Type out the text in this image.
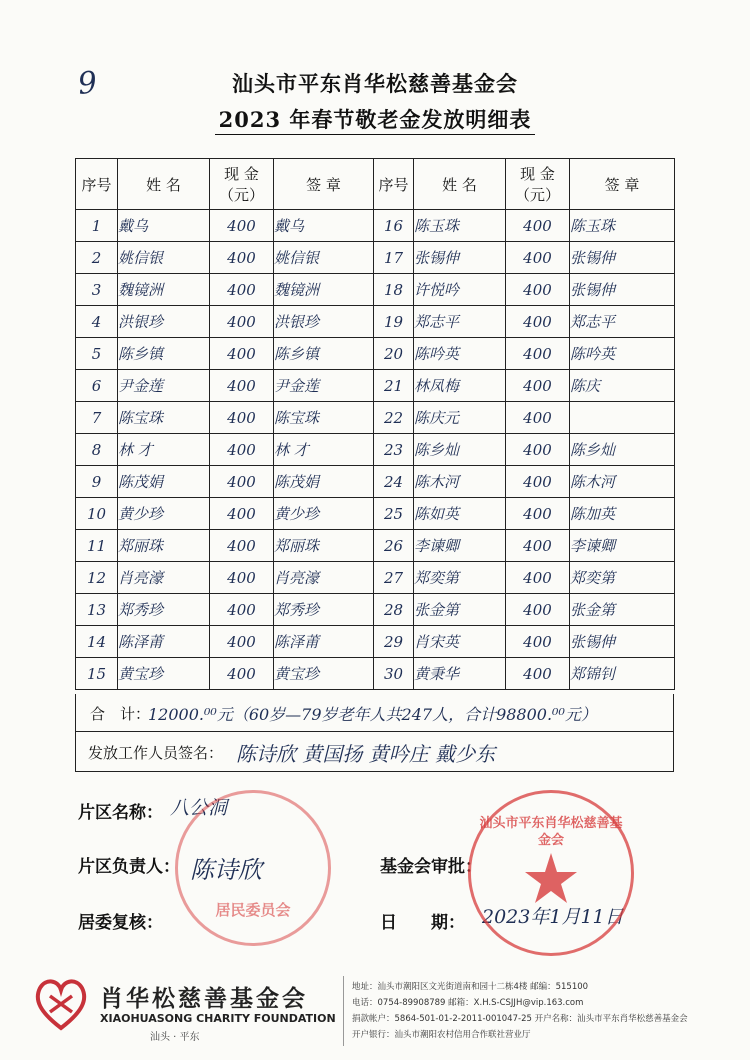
9	汕头市平东肖华松慈善基金会
2023 年春节敬老金发放明细表
序号	姓 名	现 金（元）	签 章	序号	姓 名	现 金（元）	签 章
1	戴乌	400	戴乌	16	陈玉珠	400	陈玉珠
2	姚信银	400	姚信银	17	张锡伸	400	张锡伸
3	魏镜洲	400	魏镜洲	18	许悦吟	400	张锡伸
4	洪银珍	400	洪银珍	19	郑志平	400	郑志平
5	陈乡镇	400	陈乡镇	20	陈吟英	400	陈吟英
6	尹金莲	400	尹金莲	21	林凤梅	400	陈庆
7	陈宝珠	400	陈宝珠	22	陈庆元	400	
8	林 才	400	林 才	23	陈乡灿	400	陈乡灿
9	陈茂娟	400	陈茂娟	24	陈木河	400	陈木河
10	黄少珍	400	黄少珍	25	陈如英	400	陈加英
11	郑丽珠	400	郑丽珠	26	李谏卿	400	李谏卿
12	肖亮濠	400	肖亮濠	27	郑奕第	400	郑奕第
13	郑秀珍	400	郑秀珍	28	张金第	400	张金第
14	陈泽莆	400	陈泽莆	29	肖宋英	400	张锡伸
15	黄宝珍	400	黄宝珍	30	黄秉华	400	郑锦钊
合　计：
12000.⁰⁰元（60岁—79岁老年人共247人，合计98800.⁰⁰元）
发放工作人员签名： 陈诗欣 黄国扬 黄吟庄 戴少东
片区名称： 八公洞
片区负责人： 陈诗欣	基金会审批：
居委复核：	日　　期： 2023年1月11日
居民委员会
汕头市平东肖华松慈善基金会
肖华松慈善基金会
XIAOHUASONG CHARITY FOUNDATION
汕头 · 平东
地址：汕头市潮阳区文光街道南和园十二栋4楼 邮编：515100
电话：0754-89908789 邮箱：X.H.S-CSJJH@vip.163.com
捐款帐户：5864-501-01-2-2011-001047-25 开户名称：汕头市平东肖华松慈善基金会
开户银行：汕头市潮阳农村信用合作联社营业厅
